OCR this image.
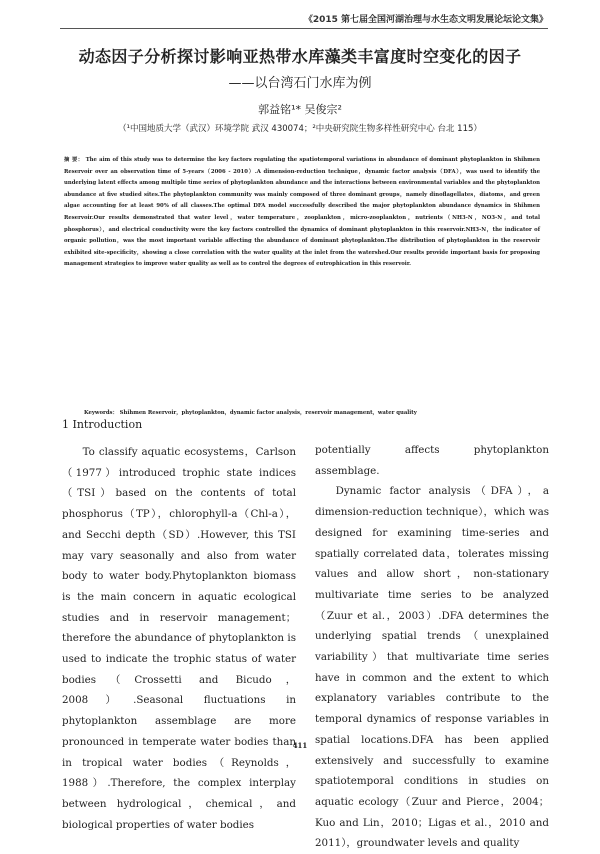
《2015 第七届全国河湖治理与水生态文明发展论坛论文集》
动态因子分析探讨影响亚热带水库藻类丰富度时空变化的因子
——以台湾石门水库为例
郭益铭¹* 吴俊宗²
（¹中国地质大学（武汉）环境学院 武汉 430074；²中央研究院生物多样性研究中心 台北 115）
摘 要： The aim of this study was to determine the key factors regulating the spatiotemporal variations in abundance of dominant phytoplankton in Shihmen Reservoir over an observation time of 5-years（2006 - 2010）.A dimension-reduction technique，dynamic factor analysis（DFA），was used to identify the underlying latent effects among multiple time series of phytoplankton abundance and the interactions between environmental variables and the phytoplankton abundance at five studied sites.The phytoplankton community was mainly composed of three dominant groups，namely dinoflagellates，diatoms，and green algae accounting for at least 90% of all classes.The optimal DFA model successfully described the major phytoplankton abundance dynamics in Shihmen Reservoir.Our results demonstrated that water level，water temperature，zooplankton，micro-zooplankton，nutrients（NH3-N，NO3-N，and total phosphorus），and electrical conductivity were the key factors controlled the dynamics of dominant phytoplankton in this reservoir.NH3-N，the indicator of organic pollution，was the most important variable affecting the abundance of dominant phytoplankton.The distribution of phytoplankton in the reservoir exhibited site-specificity，showing a close correlation with the water quality at the inlet from the watershed.Our results provide important basis for proposing management strategies to improve water quality as well as to control the degrees of eutrophication in this reservoir.
Keywords： Shihmen Reservoir，phytoplankton，dynamic factor analysis，reservoir management，water quality
1 Introduction

To classify aquatic ecosystems，Carlson（1977）introduced trophic state indices（TSI）based on the contents of total phosphorus（TP），chlorophyll-a（Chl-a），and Secchi depth（SD）.However, this TSI may vary seasonally and also from water body to water body.Phytoplankton biomass is the main concern in aquatic ecological studies and in reservoir management；therefore the abundance of phytoplankton is used to indicate the trophic status of water bodies（Crossetti and Bicudo，2008）.Seasonal fluctuations in phytoplankton assemblage are more pronounced in temperate water bodies than in tropical water bodies（Reynolds，1988）.Therefore, the complex interplay between hydrological，chemical，and biological properties of water bodies

potentially affects phytoplankton assemblage.

Dynamic factor analysis（DFA），a dimension-reduction technique），which was designed for examining time-series and spatially correlated data，tolerates missing values and allow short，non-stationary multivariate time series to be analyzed（Zuur et al.，2003）.DFA determines the underlying spatial trends（unexplained variability）that multivariate time series have in common and the extent to which explanatory variables contribute to the temporal dynamics of response variables in spatial locations.DFA has been applied extensively and successfully to examine spatiotemporal conditions in studies on aquatic ecology（Zuur and Pierce，2004；Kuo and Lin，2010；Ligas et al.，2010 and 2011），groundwater levels and quality

411
